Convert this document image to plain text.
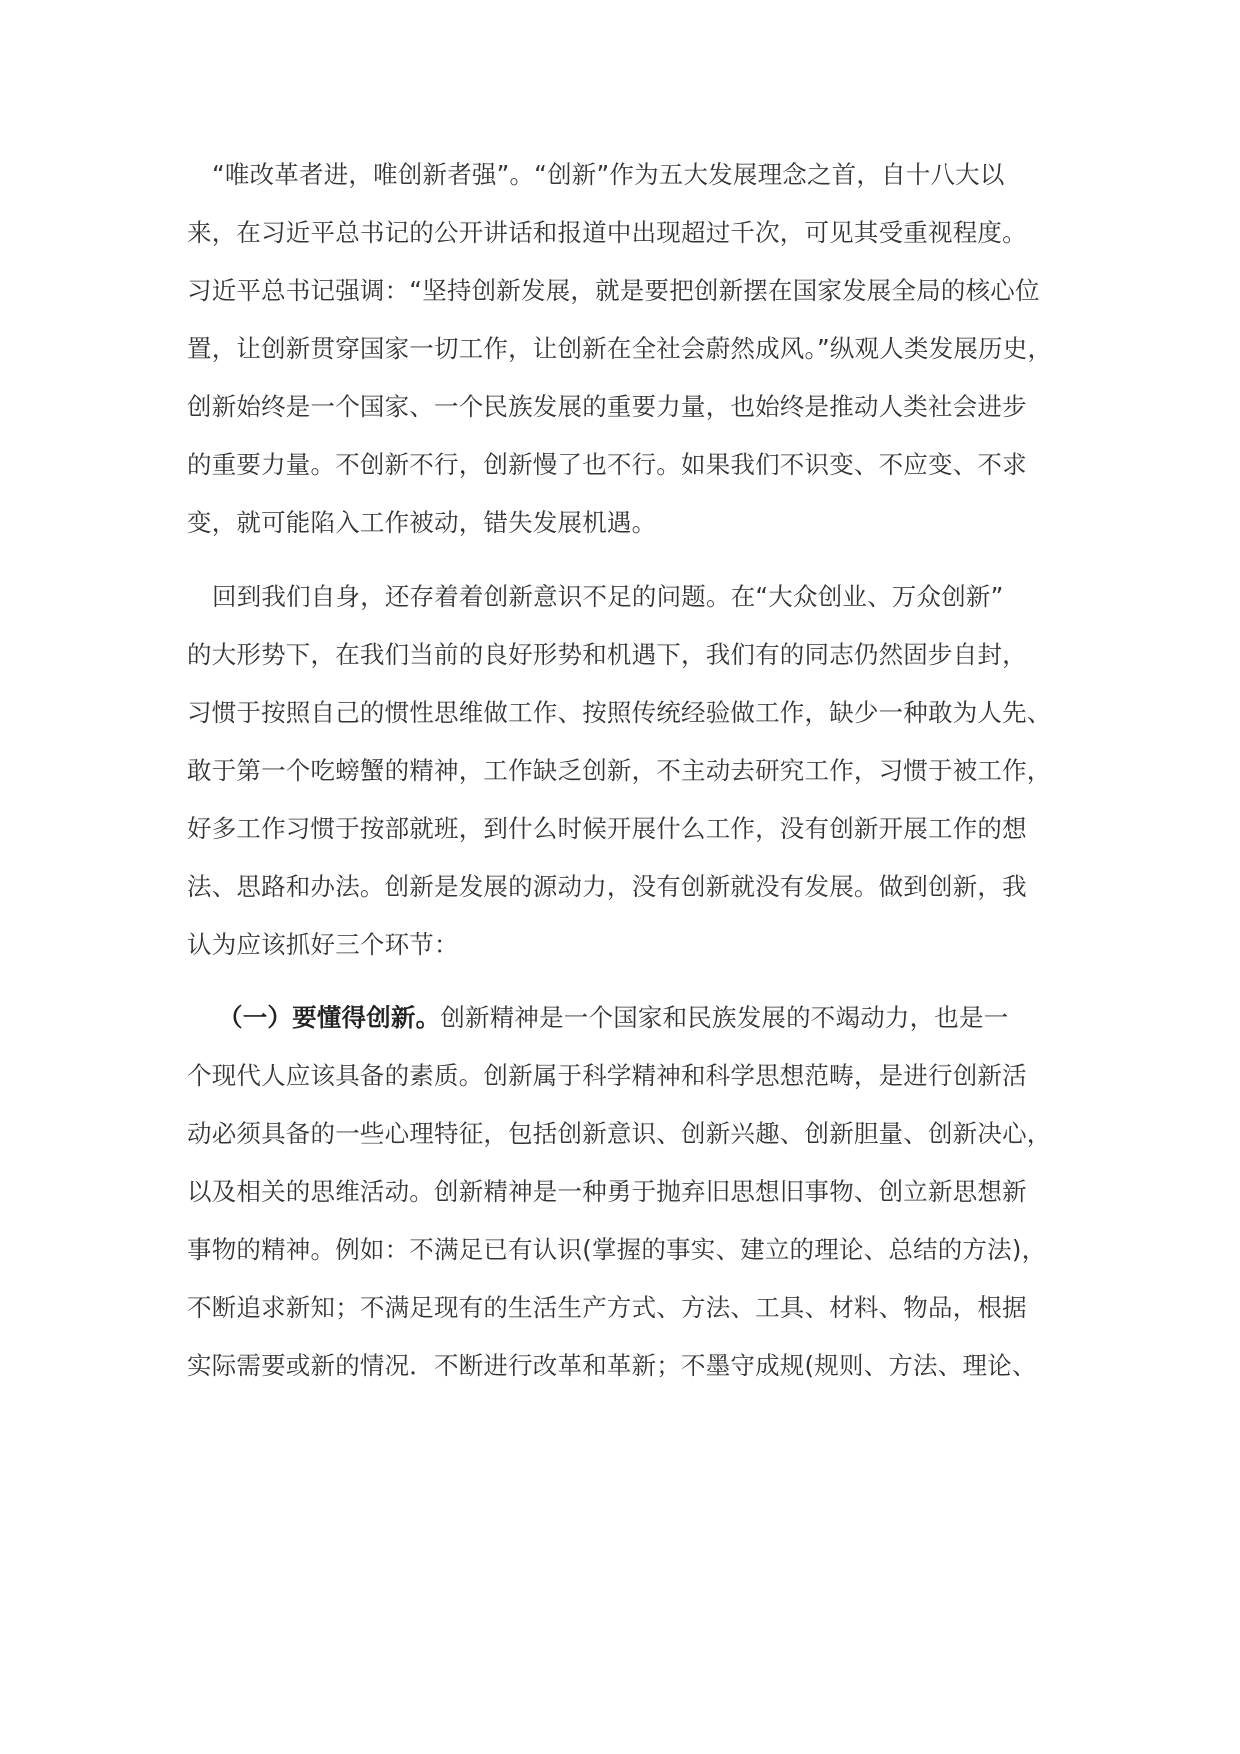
“唯改革者进，唯创新者强”。“创新”作为五大发展理念之首，自十八大以
来，在习近平总书记的公开讲话和报道中出现超过千次，可见其受重视程度。
习近平总书记强调：“坚持创新发展，就是要把创新摆在国家发展全局的核心位
置，让创新贯穿国家一切工作，让创新在全社会蔚然成风。”纵观人类发展历史，
创新始终是一个国家、一个民族发展的重要力量，也始终是推动人类社会进步
的重要力量。不创新不行，创新慢了也不行。如果我们不识变、不应变、不求
变，就可能陷入工作被动，错失发展机遇。
回到我们自身，还存着着创新意识不足的问题。在“大众创业、万众创新”
的大形势下，在我们当前的良好形势和机遇下，我们有的同志仍然固步自封，
习惯于按照自己的惯性思维做工作、按照传统经验做工作，缺少一种敢为人先、
敢于第一个吃螃蟹的精神，工作缺乏创新，不主动去研究工作，习惯于被工作，
好多工作习惯于按部就班，到什么时候开展什么工作，没有创新开展工作的想
法、思路和办法。创新是发展的源动力，没有创新就没有发展。做到创新，我
认为应该抓好三个环节：
（一）要懂得创新。创新精神是一个国家和民族发展的不竭动力，也是一
个现代人应该具备的素质。创新属于科学精神和科学思想范畴，是进行创新活
动必须具备的一些心理特征，包括创新意识、创新兴趣、创新胆量、创新决心，
以及相关的思维活动。创新精神是一种勇于抛弃旧思想旧事物、创立新思想新
事物的精神。例如：不满足已有认识(掌握的事实、建立的理论、总结的方法)，
不断追求新知；不满足现有的生活生产方式、方法、工具、材料、物品，根据
实际需要或新的情况．不断进行改革和革新；不墨守成规(规则、方法、理论、
